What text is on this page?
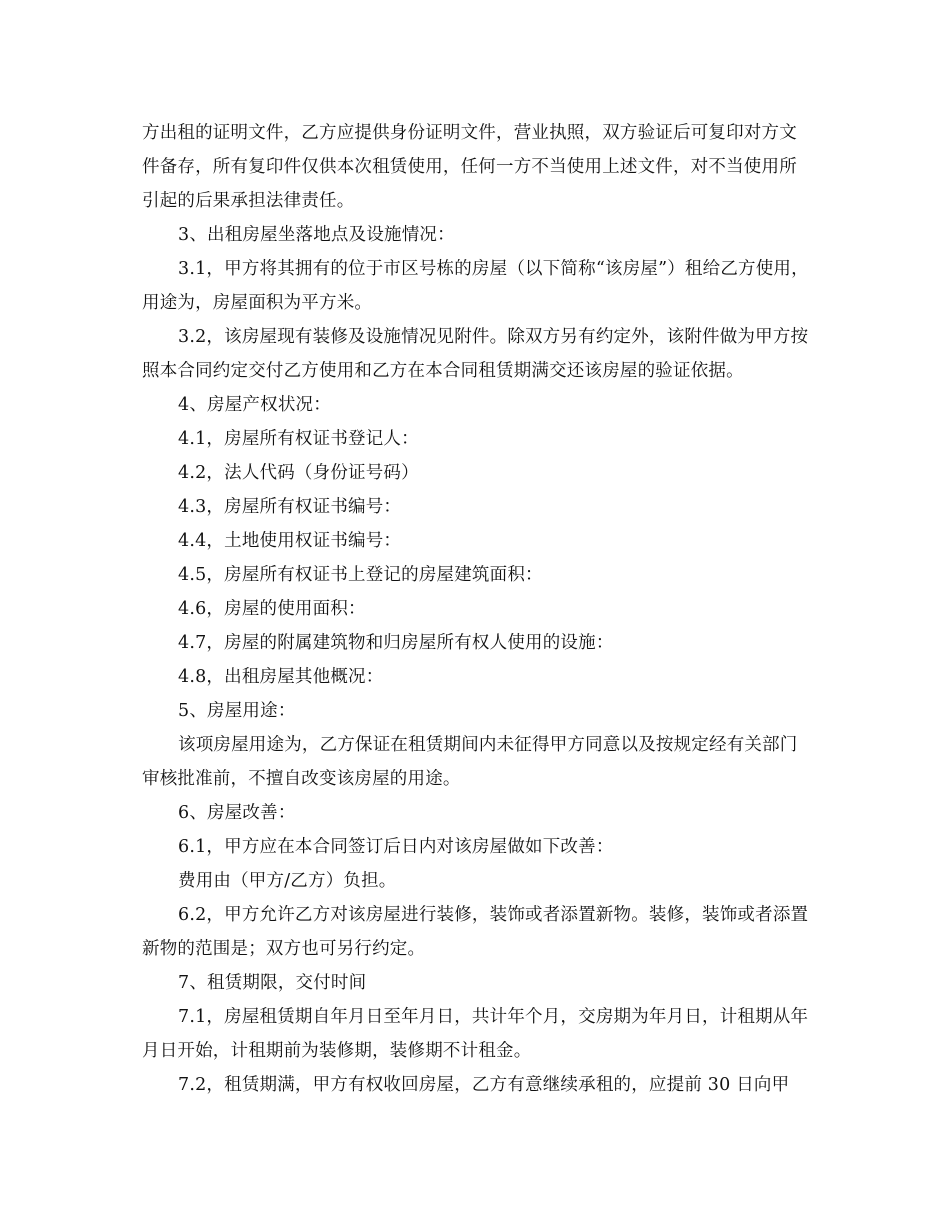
方出租的证明文件，乙方应提供身份证明文件，营业执照，双方验证后可复印对方文件备存，所有复印件仅供本次租赁使用，任何一方不当使用上述文件，对不当使用所引起的后果承担法律责任。

3、出租房屋坐落地点及设施情况：

3.1，甲方将其拥有的位于市区号栋的房屋（以下简称“该房屋”）租给乙方使用，用途为，房屋面积为平方米。

3.2，该房屋现有装修及设施情况见附件。除双方另有约定外，该附件做为甲方按照本合同约定交付乙方使用和乙方在本合同租赁期满交还该房屋的验证依据。

4、房屋产权状况：

4.1，房屋所有权证书登记人：

4.2，法人代码（身份证号码）

4.3，房屋所有权证书编号：

4.4，土地使用权证书编号：

4.5，房屋所有权证书上登记的房屋建筑面积：

4.6，房屋的使用面积：

4.7，房屋的附属建筑物和归房屋所有权人使用的设施：

4.8，出租房屋其他概况：

5、房屋用途：

该项房屋用途为，乙方保证在租赁期间内未征得甲方同意以及按规定经有关部门审核批准前，不擅自改变该房屋的用途。

6、房屋改善：

6.1，甲方应在本合同签订后日内对该房屋做如下改善：

费用由（甲方/乙方）负担。

6.2，甲方允许乙方对该房屋进行装修，装饰或者添置新物。装修，装饰或者添置新物的范围是；双方也可另行约定。

7、租赁期限，交付时间

7.1，房屋租赁期自年月日至年月日，共计年个月，交房期为年月日，计租期从年月日开始，计租期前为装修期，装修期不计租金。

7.2，租赁期满，甲方有权收回房屋，乙方有意继续承租的，应提前 30 日向甲
